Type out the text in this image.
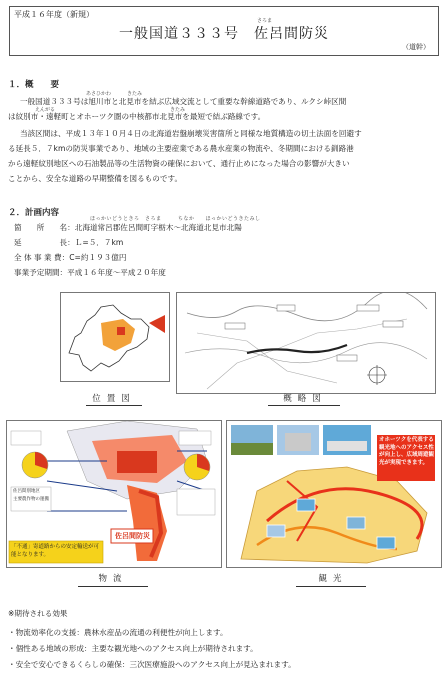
平成１６年度（新規）
さろま
一般国道３３３号　佐呂間防災
（道幹）
１．概　　要
あさひかわ	きたみ
一般国道３３３号は旭川市と北見市を結ぶ広域交流として重要な幹線道路であり、ルクシ峠区間
は紋別市・遠軽町とオホーツク圏の中核都市北見市を最短で結ぶ路線です。
えんがる	きたみ
当該区間は、平成１３年１０月４日の北海道岩盤崩壊災害箇所と同様な地質構造の切土法面を回避す
る延長５．７kmの防災事業であり、地域の主要産業である農水産業の物流や、冬期間における釧路港
から遠軽紋別地区への石油製品等の生活物資の確保において、通行止めになった場合の影響が大きい
ことから、安全な道路の早期整備を図るものです。
２．計画内容
ほっかいどうときろ　さろま　　　ちなか　　ほっかいどうきたみし
箇　　所　　名：北海道常呂郡佐呂間町字栃木～北海道北見市北陽
延　　　　　長：Ｌ=５．７km
全 体 事 業 費：C=約１９３億円
事業予定期間：平成１６年度～平成２０年度
位置図	概略図
佐呂間防災
「不通」寄道路からの安定輸送が可能となります。
佐呂間別地区
主要農作物の運搬
物流
オホーツクを代表する観光地へのアクセス性が向上し、広域周遊観光が実現できます。
観光
※期待される効果
・物流効率化の支援：農林水産品の流通の利便性が向上します。
・個性ある地域の形成：主要な観光地へのアクセス向上が期待されます。
・安全で安心できるくらしの確保：三次医療施設へのアクセス向上が見込まれます。
